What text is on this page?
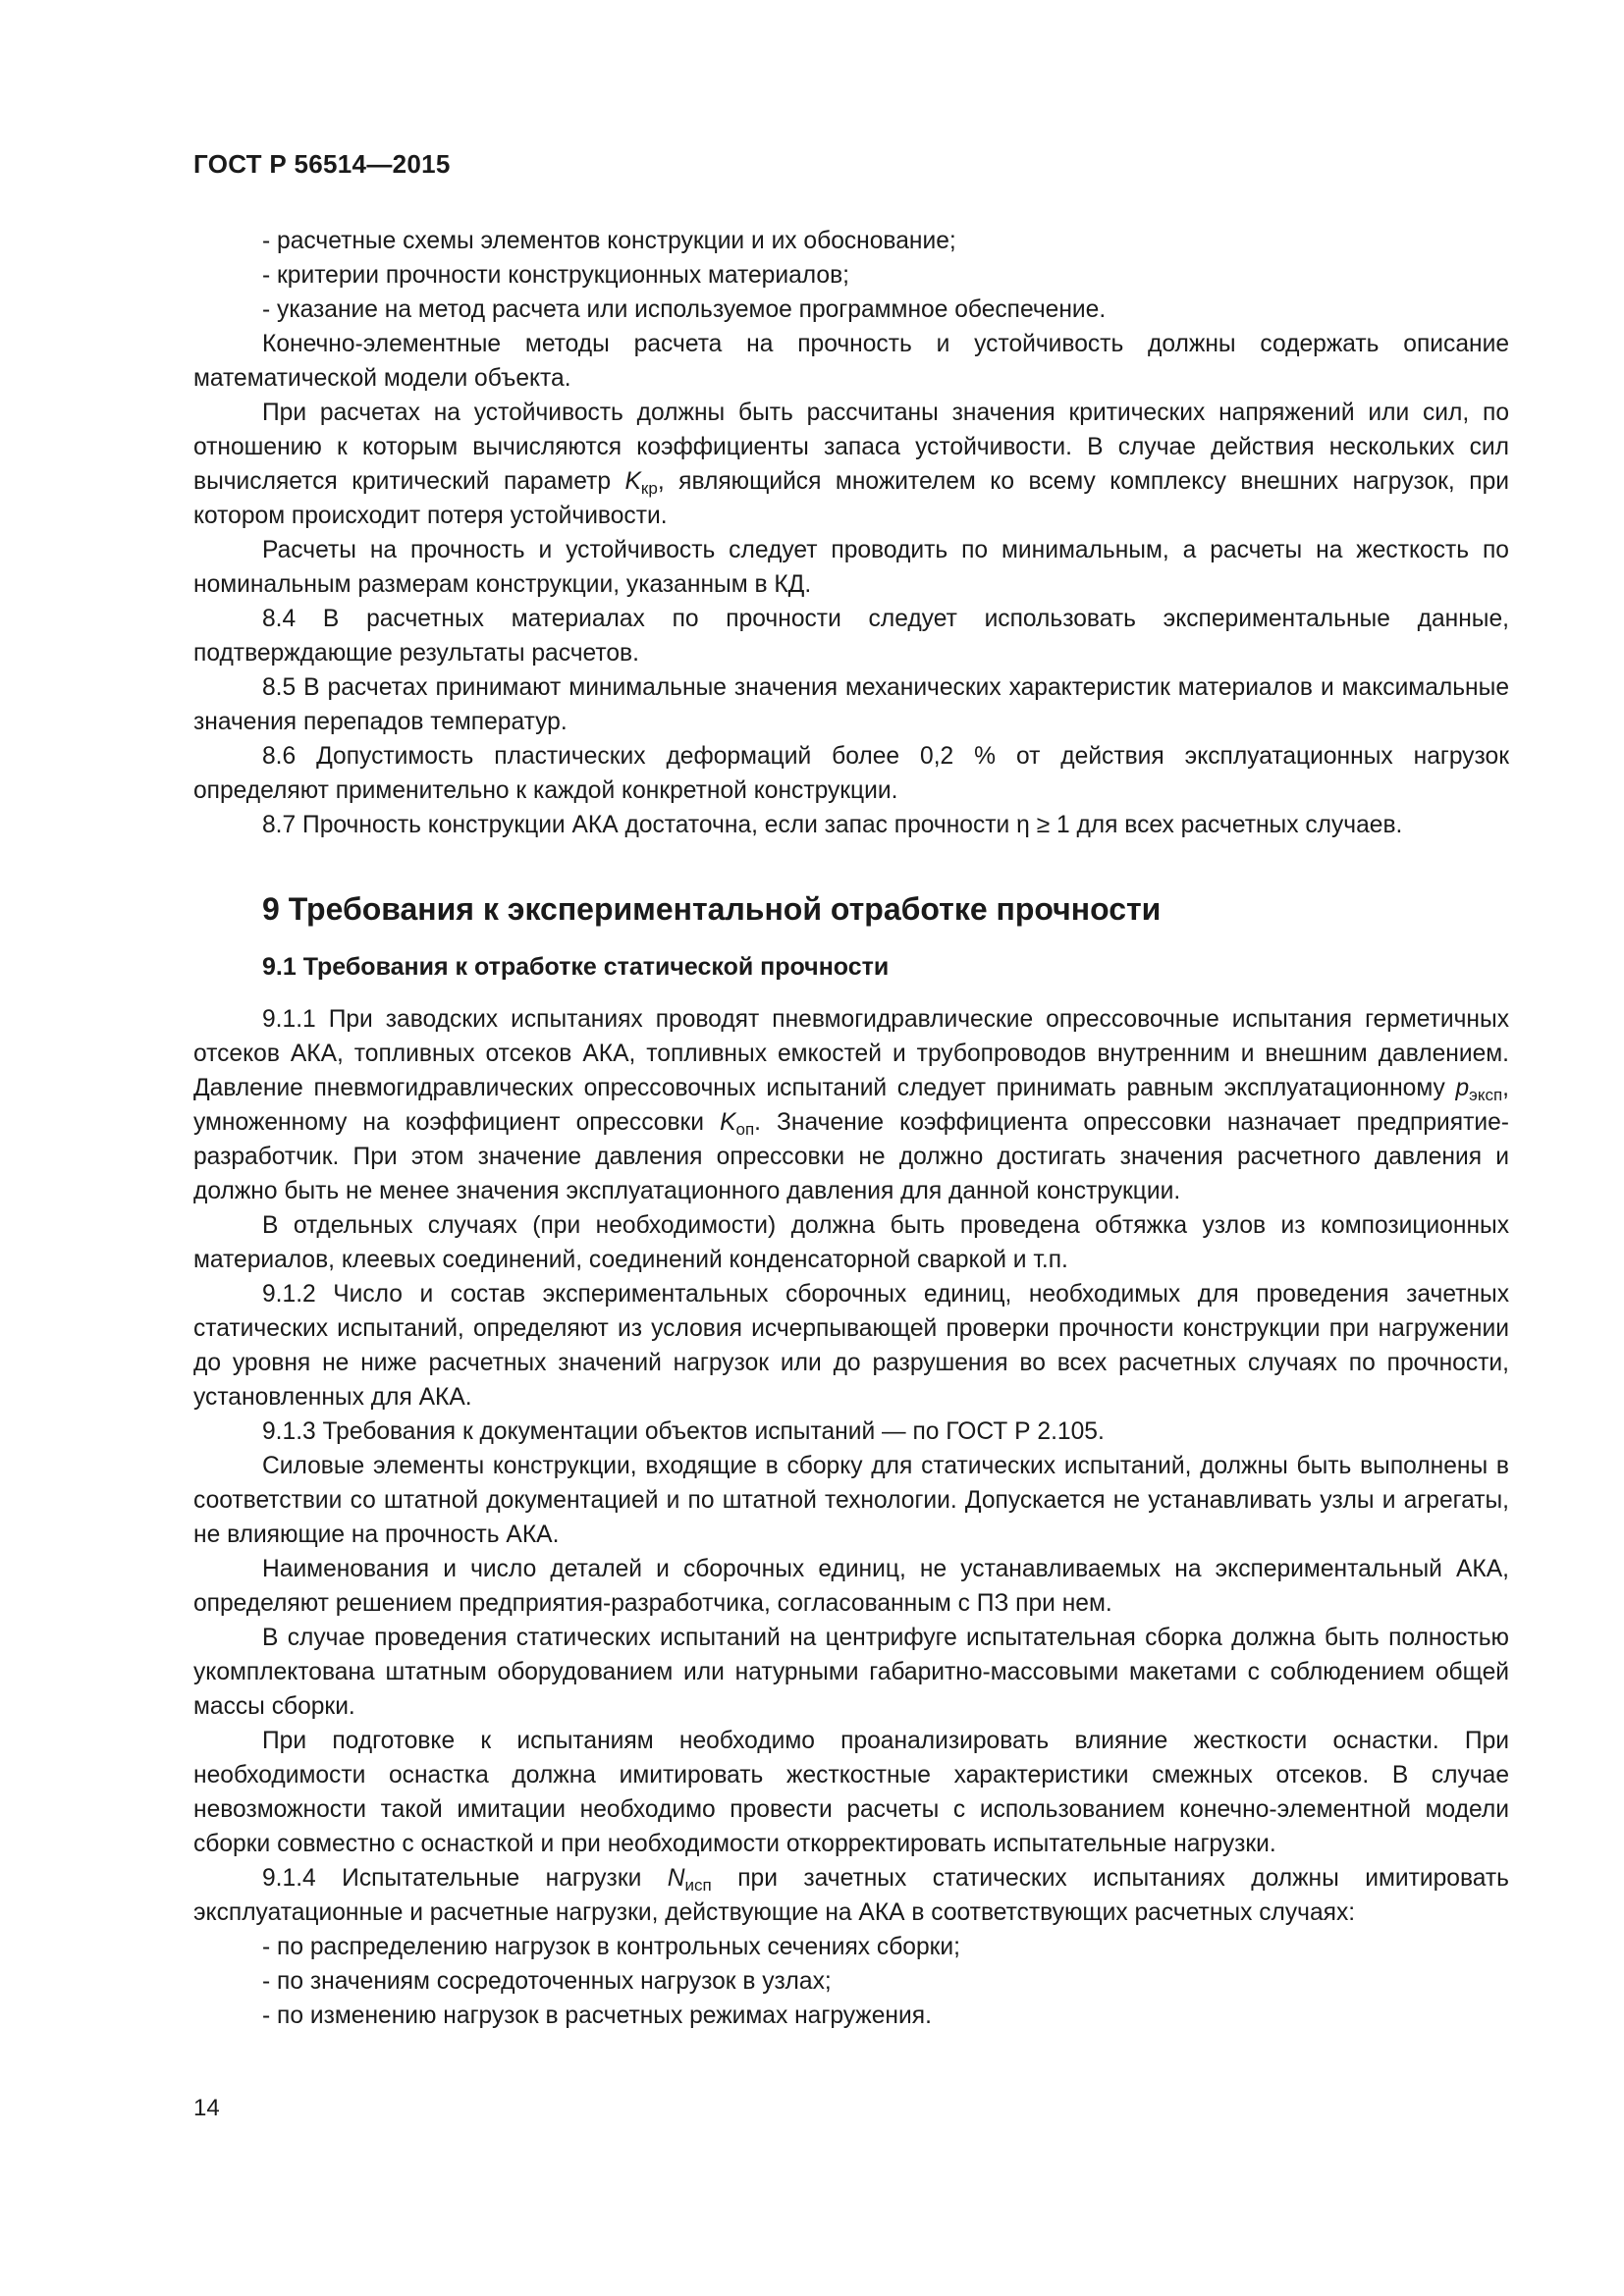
ГОСТ Р 56514—2015

- расчетные схемы элементов конструкции и их обоснование;

- критерии прочности конструкционных материалов;

- указание на метод расчета или используемое программное обеспечение.

Конечно-элементные методы расчета на прочность и устойчивость должны содержать описание математической модели объекта.

При расчетах на устойчивость должны быть рассчитаны значения критических напряжений или сил, по отношению к которым вычисляются коэффициенты запаса устойчивости. В случае действия нескольких сил вычисляется критический параметр $K_{кр}$, являющийся множителем ко всему комплексу внешних нагрузок, при котором происходит потеря устойчивости.

Расчеты на прочность и устойчивость следует проводить по минимальным, а расчеты на жесткость по номинальным размерам конструкции, указанным в КД.

8.4 В расчетных материалах по прочности следует использовать экспериментальные данные, подтверждающие результаты расчетов.

8.5 В расчетах принимают минимальные значения механических характеристик материалов и максимальные значения перепадов температур.

8.6 Допустимость пластических деформаций более 0,2 % от действия эксплуатационных нагрузок определяют применительно к каждой конкретной конструкции.

8.7 Прочность конструкции АКА достаточна, если запас прочности η ≥ 1 для всех расчетных случаев.

9 Требования к экспериментальной отработке прочности
9.1 Требования к отработке статической прочности

9.1.1 При заводских испытаниях проводят пневмогидравлические опрессовочные испытания герметичных отсеков АКА, топливных отсеков АКА, топливных емкостей и трубопроводов внутренним и внешним давлением. Давление пневмогидравлических опрессовочных испытаний следует принимать равным эксплуатационному $p_{эксп}$, умноженному на коэффициент опрессовки $K_{оп}$. Значение коэффициента опрессовки назначает предприятие-разработчик. При этом значение давления опрессовки не должно достигать значения расчетного давления и должно быть не менее значения эксплуатационного давления для данной конструкции.

В отдельных случаях (при необходимости) должна быть проведена обтяжка узлов из композиционных материалов, клеевых соединений, соединений конденсаторной сваркой и т.п.

9.1.2 Число и состав экспериментальных сборочных единиц, необходимых для проведения зачетных статических испытаний, определяют из условия исчерпывающей проверки прочности конструкции при нагружении до уровня не ниже расчетных значений нагрузок или до разрушения во всех расчетных случаях по прочности, установленных для АКА.

9.1.3 Требования к документации объектов испытаний — по ГОСТ Р 2.105.

Силовые элементы конструкции, входящие в сборку для статических испытаний, должны быть выполнены в соответствии со штатной документацией и по штатной технологии. Допускается не устанавливать узлы и агрегаты, не влияющие на прочность АКА.

Наименования и число деталей и сборочных единиц, не устанавливаемых на экспериментальный АКА, определяют решением предприятия-разработчика, согласованным с ПЗ при нем.

В случае проведения статических испытаний на центрифуге испытательная сборка должна быть полностью укомплектована штатным оборудованием или натурными габаритно-массовыми макетами с соблюдением общей массы сборки.

При подготовке к испытаниям необходимо проанализировать влияние жесткости оснастки. При необходимости оснастка должна имитировать жесткостные характеристики смежных отсеков. В случае невозможности такой имитации необходимо провести расчеты с использованием конечно-элементной модели сборки совместно с оснасткой и при необходимости откорректировать испытательные нагрузки.

9.1.4 Испытательные нагрузки $N_{исп}$ при зачетных статических испытаниях должны имитировать эксплуатационные и расчетные нагрузки, действующие на АКА в соответствующих расчетных случаях:

- по распределению нагрузок в контрольных сечениях сборки;

- по значениям сосредоточенных нагрузок в узлах;

- по изменению нагрузок в расчетных режимах нагружения.

14
